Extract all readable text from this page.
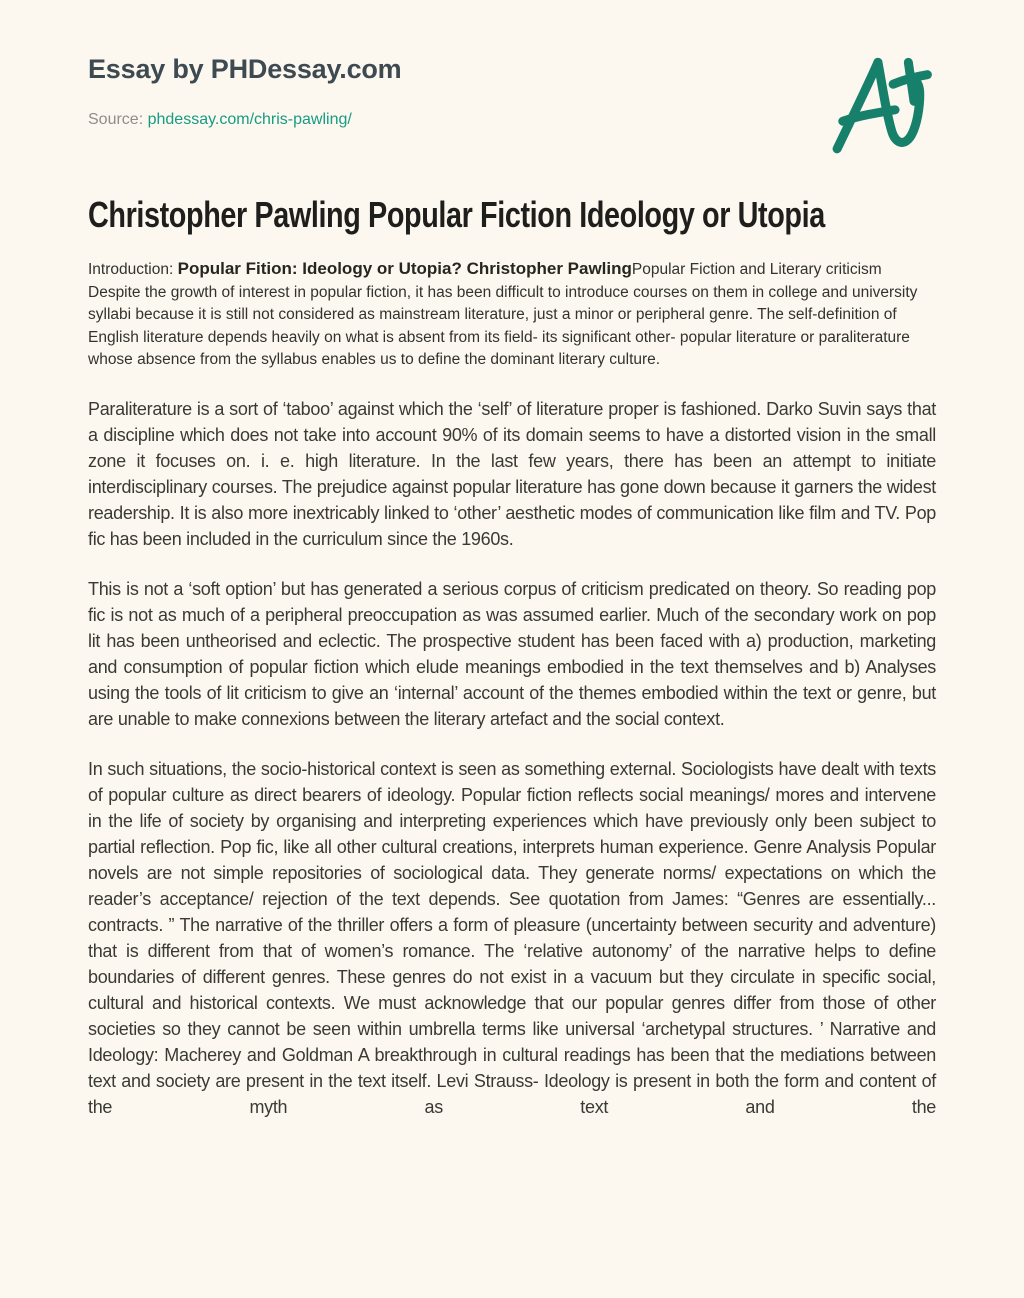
Essay by PHDessay.com

Source: phdessay.com/chris-pawling/

Christopher Pawling Popular Fiction Ideology or Utopia

Introduction: Popular Fition: Ideology or Utopia? Christopher PawlingPopular Fiction and Literary criticism Despite the growth of interest in popular fiction, it has been difficult to introduce courses on them in college and university syllabi because it is still not considered as mainstream literature, just a minor or peripheral genre. The self-definition of English literature depends heavily on what is absent from its field- its significant other- popular literature or paraliterature whose absence from the syllabus enables us to define the dominant literary culture.

Paraliterature is a sort of ‘taboo’ against which the ‘self’ of literature proper is fashioned. Darko Suvin says that a discipline which does not take into account 90% of its domain seems to have a distorted vision in the small zone it focuses on. i. e. high literature. In the last few years, there has been an attempt to initiate interdisciplinary courses. The prejudice against popular literature has gone down because it garners the widest readership. It is also more inextricably linked to ‘other’ aesthetic modes of communication like film and TV. Pop fic has been included in the curriculum since the 1960s.

This is not a ‘soft option’ but has generated a serious corpus of criticism predicated on theory. So reading pop fic is not as much of a peripheral preoccupation as was assumed earlier. Much of the secondary work on pop lit has been untheorised and eclectic. The prospective student has been faced with a) production, marketing and consumption of popular fiction which elude meanings embodied in the text themselves and b) Analyses using the tools of lit criticism to give an ‘internal’ account of the themes embodied within the text or genre, but are unable to make connexions between the literary artefact and the social context.

In such situations, the socio-historical context is seen as something external. Sociologists have dealt with texts of popular culture as direct bearers of ideology. Popular fiction reflects social meanings/ mores and intervene in the life of society by organising and interpreting experiences which have previously only been subject to partial reflection. Pop fic, like all other cultural creations, interprets human experience. Genre Analysis Popular novels are not simple repositories of sociological data. They generate norms/ expectations on which the reader’s acceptance/ rejection of the text depends. See quotation from James: “Genres are essentially... contracts. ” The narrative of the thriller offers a form of pleasure (uncertainty between security and adventure) that is different from that of women’s romance. The ‘relative autonomy’ of the narrative helps to define boundaries of different genres. These genres do not exist in a vacuum but they circulate in specific social, cultural and historical contexts. We must acknowledge that our popular genres differ from those of other societies so they cannot be seen within umbrella terms like universal ‘archetypal structures. ’ Narrative and Ideology: Macherey and Goldman A breakthrough in cultural readings has been that the mediations between text and society are present in the text itself. Levi Strauss- Ideology is present in both the form and content of the myth as text and the
